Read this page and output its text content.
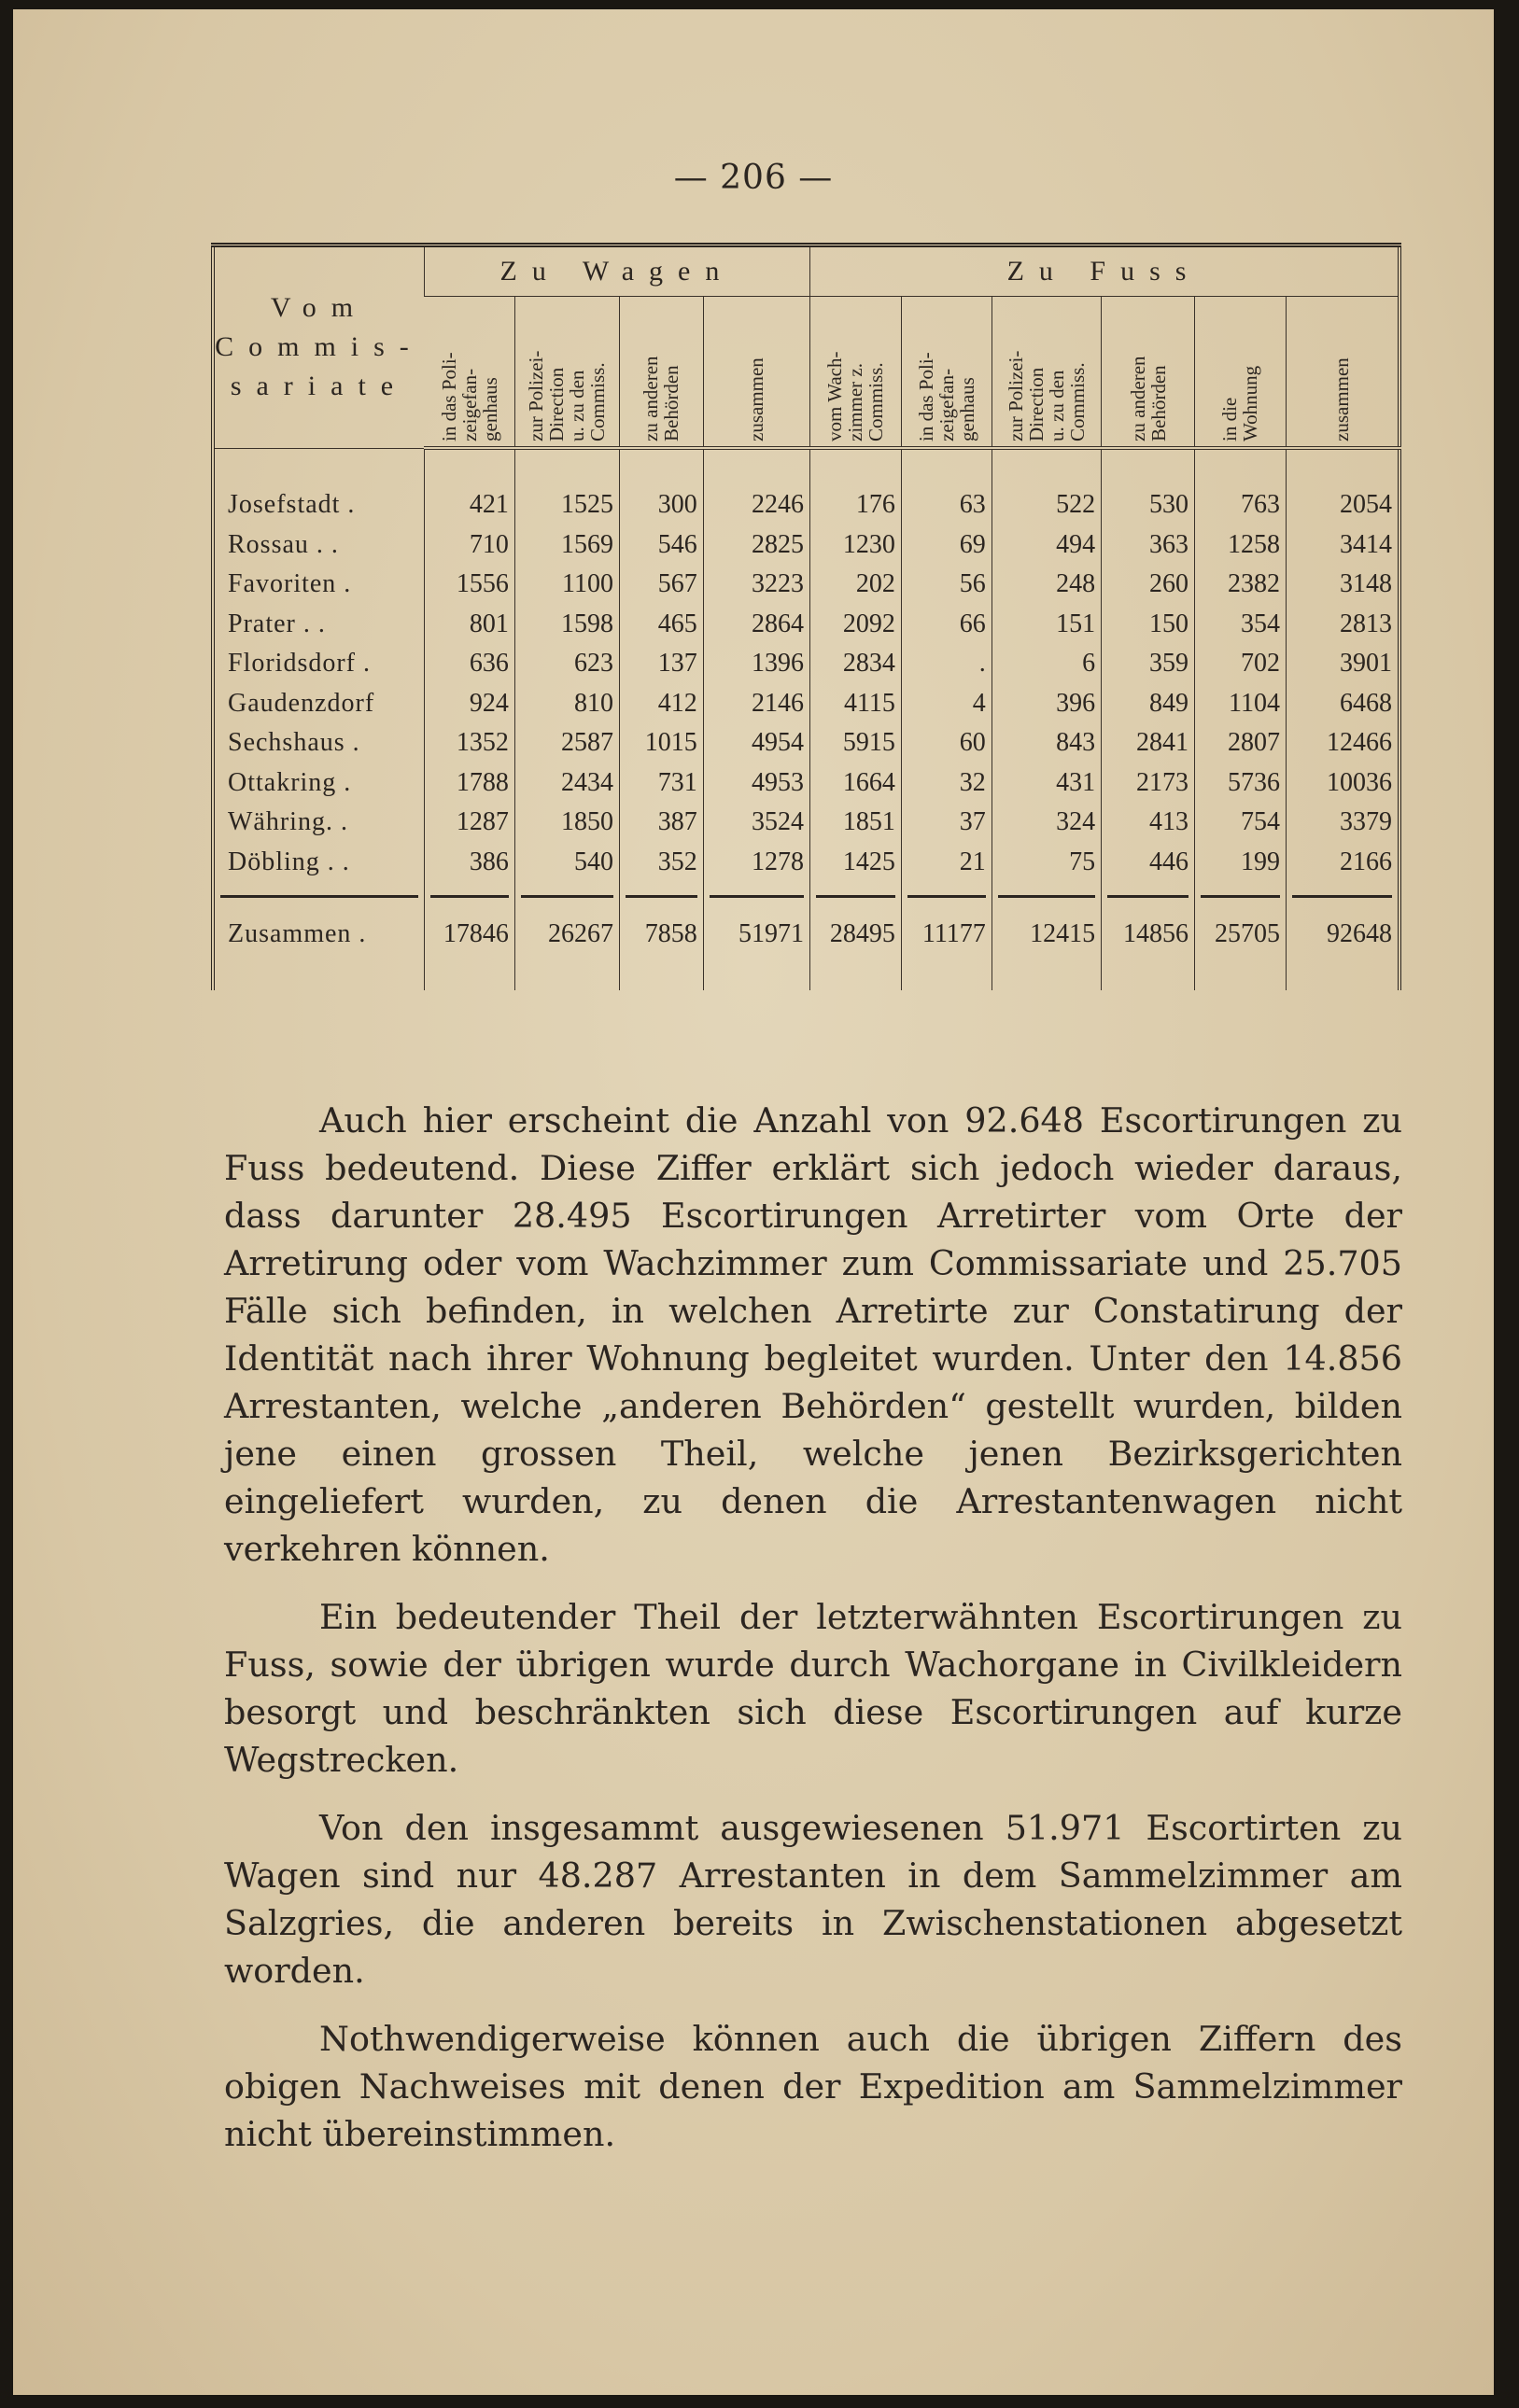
— 206 —
Vom
Commis-
sariate	Zu Wagen				Zu Fuss					

	in das Poli-
zeigefan-
genhaus	zur Polizei-
Direction
u. zu den
Commiss.	zu anderen
Behörden	zusammen	vom Wach-
zimmer z.
Commiss.	in das Poli-
zeigefan-
genhaus	zur Polizei-
Direction
u. zu den
Commiss.	zu anderen
Behörden	in die
Wohnung	zusammen

Josefstadt .	421	1525	300	2246	176	63	522	530	763	2054
Rossau . .	710	1569	546	2825	1230	69	494	363	1258	3414
Favoriten .	1556	1100	567	3223	202	56	248	260	2382	3148
Prater . .	801	1598	465	2864	2092	66	151	150	354	2813
Floridsdorf .	636	623	137	1396	2834	.	6	359	702	3901
Gaudenzdorf	924	810	412	2146	4115	4	396	849	1104	6468
Sechshaus .	1352	2587	1015	4954	5915	60	843	2841	2807	12466
Ottakring .	1788	2434	731	4953	1664	32	431	2173	5736	10036
Währing. .	1287	1850	387	3524	1851	37	324	413	754	3379
Döbling . .	386	540	352	1278	1425	21	75	446	199	2166

Zusammen .	17846	26267	7858	51971	28495	11177	12415	14856	25705	92648

Auch hier erscheint die Anzahl von 92.648 Escortirungen zu Fuss bedeutend. Diese Ziffer erklärt sich jedoch wieder daraus, dass darunter 28.495 Escortirungen Arretirter vom Orte der Arretirung oder vom Wachzimmer zum Commissariate und 25.705 Fälle sich befinden, in welchen Arretirte zur Constatirung der Identität nach ihrer Wohnung begleitet wurden. Unter den 14.856 Arrestanten, welche „anderen Behörden“ gestellt wurden, bilden jene einen grossen Theil, welche jenen Bezirksgerichten eingeliefert wurden, zu denen die Arrestantenwagen nicht verkehren können.

Ein bedeutender Theil der letzterwähnten Escortirungen zu Fuss, sowie der übrigen wurde durch Wachorgane in Civilkleidern besorgt und beschränkten sich diese Escortirungen auf kurze Wegstrecken.

Von den insgesammt ausgewiesenen 51.971 Escortirten zu Wagen sind nur 48.287 Arrestanten in dem Sammelzimmer am Salzgries, die anderen bereits in Zwischenstationen abgesetzt worden.

Nothwendigerweise können auch die übrigen Ziffern des obigen Nachweises mit denen der Expedition am Sammelzimmer nicht übereinstimmen.
